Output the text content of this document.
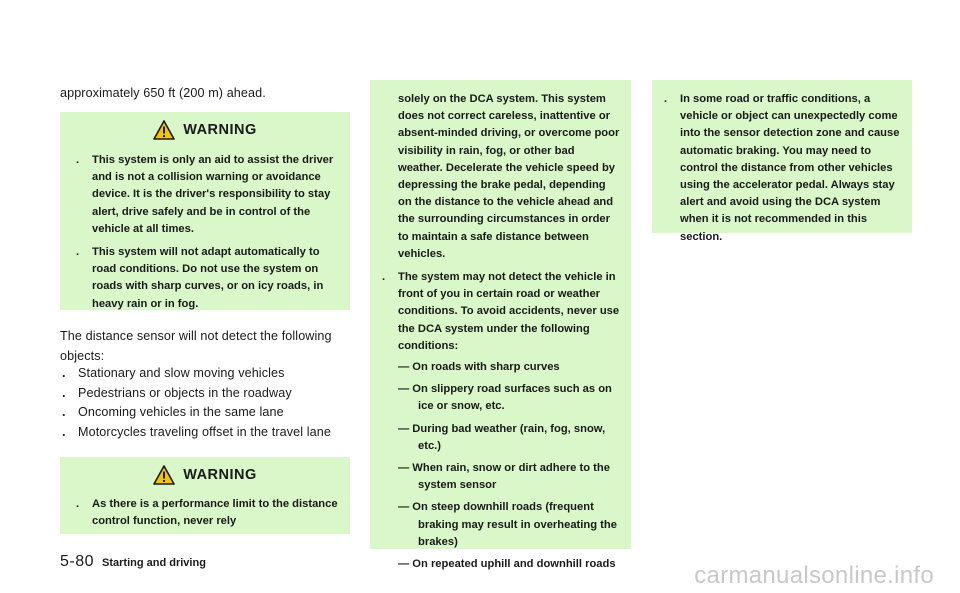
approximately 650 ft (200 m) ahead.
WARNING
. This system is only an aid to assist the driver and is not a collision warning or avoidance device. It is the driver's responsibility to stay alert, drive safely and be in control of the vehicle at all times.
. This system will not adapt automatically to road conditions. Do not use the system on roads with sharp curves, or on icy roads, in heavy rain or in fog.
The distance sensor will not detect the following objects:
. Stationary and slow moving vehicles
. Pedestrians or objects in the roadway
. Oncoming vehicles in the same lane
. Motorcycles traveling offset in the travel lane
WARNING
. As there is a performance limit to the distance control function, never rely
solely on the DCA system. This system does not correct careless, inattentive or absent-minded driving, or overcome poor visibility in rain, fog, or other bad weather. Decelerate the vehicle speed by depressing the brake pedal, depending on the distance to the vehicle ahead and the surrounding circumstances in order to maintain a safe distance between vehicles.
. The system may not detect the vehicle in front of you in certain road or weather conditions. To avoid accidents, never use the DCA system under the following conditions:
— On roads with sharp curves
— On slippery road surfaces such as on ice or snow, etc.
— During bad weather (rain, fog, snow, etc.)
— When rain, snow or dirt adhere to the system sensor
— On steep downhill roads (frequent braking may result in overheating the brakes)
— On repeated uphill and downhill roads
. In some road or traffic conditions, a vehicle or object can unexpectedly come into the sensor detection zone and cause automatic braking. You may need to control the distance from other vehicles using the accelerator pedal. Always stay alert and avoid using the DCA system when it is not recommended in this section.
5-80 Starting and driving	carmanualsonline.info
